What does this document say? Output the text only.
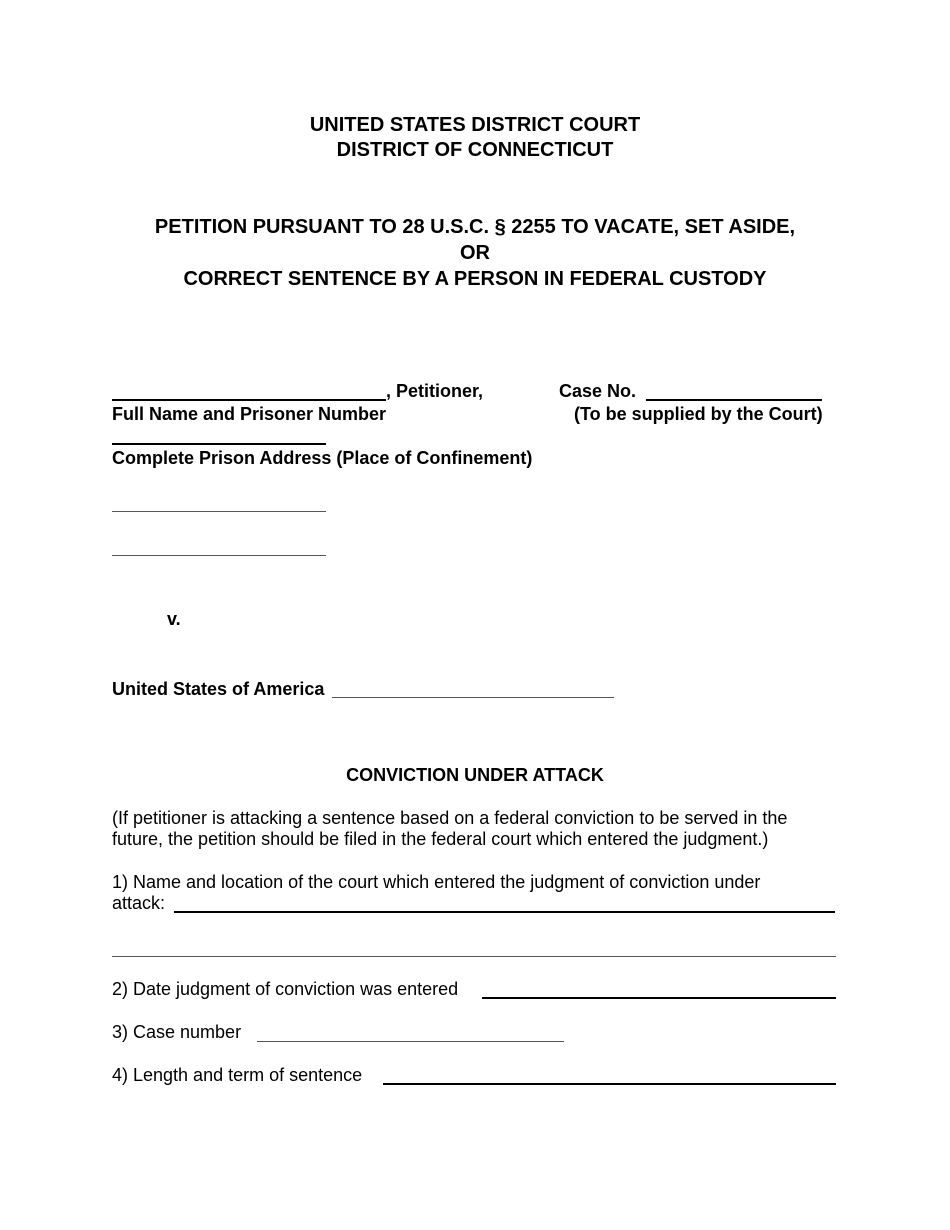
UNITED STATES DISTRICT COURT
DISTRICT OF CONNECTICUT
PETITION PURSUANT TO 28 U.S.C. § 2255 TO VACATE, SET ASIDE,
OR
CORRECT SENTENCE BY A PERSON IN FEDERAL CUSTODY
, Petitioner,
Full Name and Prisoner Number
Case No.
(To be supplied by the Court)
Complete Prison Address (Place of Confinement)
v.
United States of America
CONVICTION UNDER ATTACK
(If petitioner is attacking a sentence based on a federal conviction to be served in the
future, the petition should be filed in the federal court which entered the judgment.)
1) Name and location of the court which entered the judgment of conviction under
attack:
2) Date judgment of conviction was entered
3) Case number
4) Length and term of sentence
